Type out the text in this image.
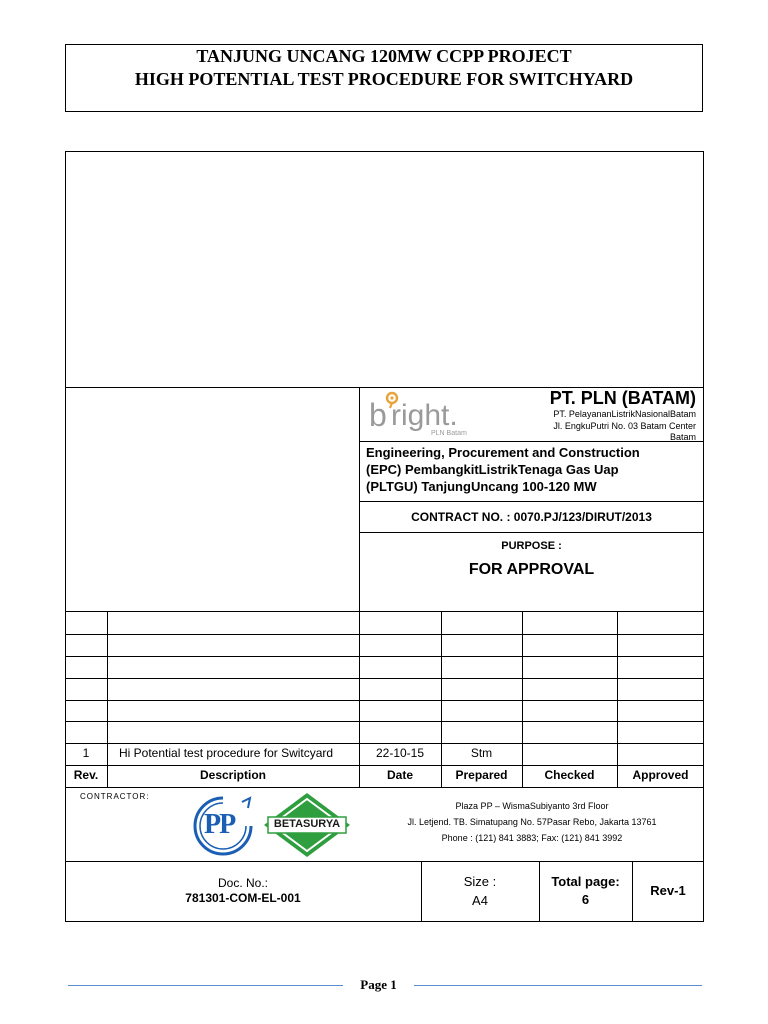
TANJUNG UNCANG 120MW CCPP PROJECT
HIGH POTENTIAL TEST PROCEDURE FOR SWITCHYARD
b right.
PLN Batam
PT. PLN (BATAM)
PT. PelayananListrikNasionalBatam
Jl. EngkuPutri No. 03 Batam Center
Batam
Engineering, Procurement and Construction
(EPC) PembangkitListrikTenaga Gas Uap
(PLTGU) TanjungUncang 100-120 MW
CONTRACT NO. : 0070.PJ/123/DIRUT/2013
PURPOSE :
FOR APPROVAL
1	Hi Potential test procedure for Switcyard	22-10-15	Stm
Rev.	Description	Date	Prepared	Checked	Approved
CONTRACTOR:
PP	BETASURYA
Plaza PP – WismaSubiyanto 3rd Floor
Jl. Letjend. TB. Simatupang No. 57Pasar Rebo, Jakarta 13761
Phone : (121) 841 3883; Fax: (121) 841 3992
Doc. No.:
781301-COM-EL-001
Size :
A4
Total page:
6
Rev-1
Page 1
